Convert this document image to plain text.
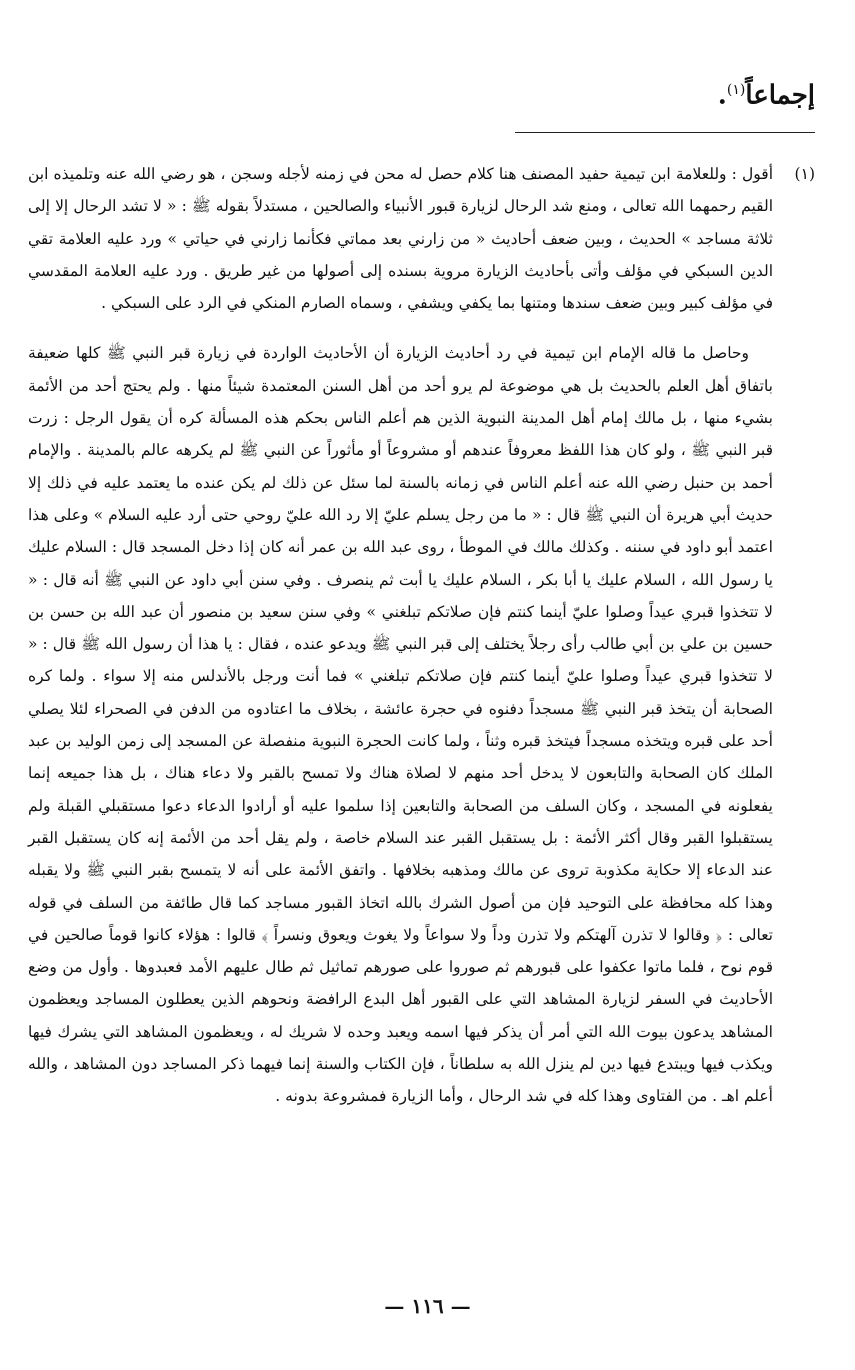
إجماعاً$^{(١)}$.
(١)

أقول : وللعلامة ابن تيمية حفيد المصنف هنا كلام حصل له محن في زمنه لأجله وسجن ، هو رضي الله عنه وتلميذه ابن القيم رحمهما الله تعالى ، ومنع شد الرحال لزيارة قبور الأنبياء والصالحين ، مستدلاً بقوله ﷺ : « لا تشد الرحال إلا إلى ثلاثة مساجد » الحديث ، وبين ضعف أحاديث « من زارني بعد مماتي فكأنما زارني في حياتي » ورد عليه العلامة تقي الدين السبكي في مؤلف وأتى بأحاديث الزيارة مروية بسنده إلى أصولها من غير طريق . ورد عليه العلامة المقدسي في مؤلف كبير وبين ضعف سندها ومتنها بما يكفي ويشفي ، وسماه الصارم المنكي في الرد على السبكي .

وحاصل ما قاله الإمام ابن تيمية في رد أحاديث الزيارة أن الأحاديث الواردة في زيارة قبر النبي ﷺ كلها ضعيفة باتفاق أهل العلم بالحديث بل هي موضوعة لم يرو أحد من أهل السنن المعتمدة شيئاً منها . ولم يحتج أحد من الأئمة بشيء منها ، بل مالك إمام أهل المدينة النبوية الذين هم أعلم الناس بحكم هذه المسألة كره أن يقول الرجل : زرت قبر النبي ﷺ ، ولو كان هذا اللفظ معروفاً عندهم أو مشروعاً أو مأثوراً عن النبي ﷺ لم يكرهه عالم بالمدينة . والإمام أحمد بن حنبل رضي الله عنه أعلم الناس في زمانه بالسنة لما سئل عن ذلك لم يكن عنده ما يعتمد عليه في ذلك إلا حديث أبي هريرة أن النبي ﷺ قال : « ما من رجل يسلم عليّ إلا رد الله عليّ روحي حتى أرد عليه السلام » وعلى هذا اعتمد أبو داود في سننه . وكذلك مالك في الموطأ ، روى عبد الله بن عمر أنه كان إذا دخل المسجد قال : السلام عليك يا رسول الله ، السلام عليك يا أبا بكر ، السلام عليك يا أبت ثم ينصرف . وفي سنن أبي داود عن النبي ﷺ أنه قال : « لا تتخذوا قبري عيداً وصلوا عليّ أينما كنتم فإن صلاتكم تبلغني » وفي سنن سعيد بن منصور أن عبد الله بن حسن بن حسين بن علي بن أبي طالب رأى رجلاً يختلف إلى قبر النبي ﷺ ويدعو عنده ، فقال : يا هذا أن رسول الله ﷺ قال : « لا تتخذوا قبري عيداً وصلوا عليّ أينما كنتم فإن صلاتكم تبلغني » فما أنت ورجل بالأندلس منه إلا سواء . ولما كره الصحابة أن يتخذ قبر النبي ﷺ مسجداً دفنوه في حجرة عائشة ، بخلاف ما اعتادوه من الدفن في الصحراء لئلا يصلي أحد على قبره ويتخذه مسجداً فيتخذ قبره وثناً ، ولما كانت الحجرة النبوية منفصلة عن المسجد إلى زمن الوليد بن عبد الملك كان الصحابة والتابعون لا يدخل أحد منهم لا لصلاة هناك ولا تمسح بالقبر ولا دعاء هناك ، بل هذا جميعه إنما يفعلونه في المسجد ، وكان السلف من الصحابة والتابعين إذا سلموا عليه أو أرادوا الدعاء دعوا مستقبلي القبلة ولم يستقبلوا القبر وقال أكثر الأئمة : بل يستقبل القبر عند السلام خاصة ، ولم يقل أحد من الأئمة إنه كان يستقبل القبر عند الدعاء إلا حكاية مكذوبة تروى عن مالك ومذهبه بخلافها . واتفق الأئمة على أنه لا يتمسح بقبر النبي ﷺ ولا يقبله وهذا كله محافظة على التوحيد فإن من أصول الشرك بالله اتخاذ القبور مساجد كما قال طائفة من السلف في قوله تعالى : ﴿ وقالوا لا تذرن آلهتكم ولا تذرن وداً ولا سواعاً ولا يغوث ويعوق ونسراً ﴾ قالوا : هؤلاء كانوا قوماً صالحين في قوم نوح ، فلما ماتوا عكفوا على قبورهم ثم صوروا على صورهم تماثيل ثم طال عليهم الأمد فعبدوها . وأول من وضع الأحاديث في السفر لزيارة المشاهد التي على القبور أهل البدع الرافضة ونحوهم الذين يعطلون المساجد ويعظمون المشاهد يدعون بيوت الله التي أمر أن يذكر فيها اسمه ويعبد وحده لا شريك له ، ويعظمون المشاهد التي يشرك فيها ويكذب فيها ويبتدع فيها دين لم ينزل الله به سلطاناً ، فإن الكتاب والسنة إنما فيهما ذكر المساجد دون المشاهد ، والله أعلم اهـ . من الفتاوى وهذا كله في شد الرحال ، وأما الزيارة فمشروعة بدونه .

— ١١٦ —
